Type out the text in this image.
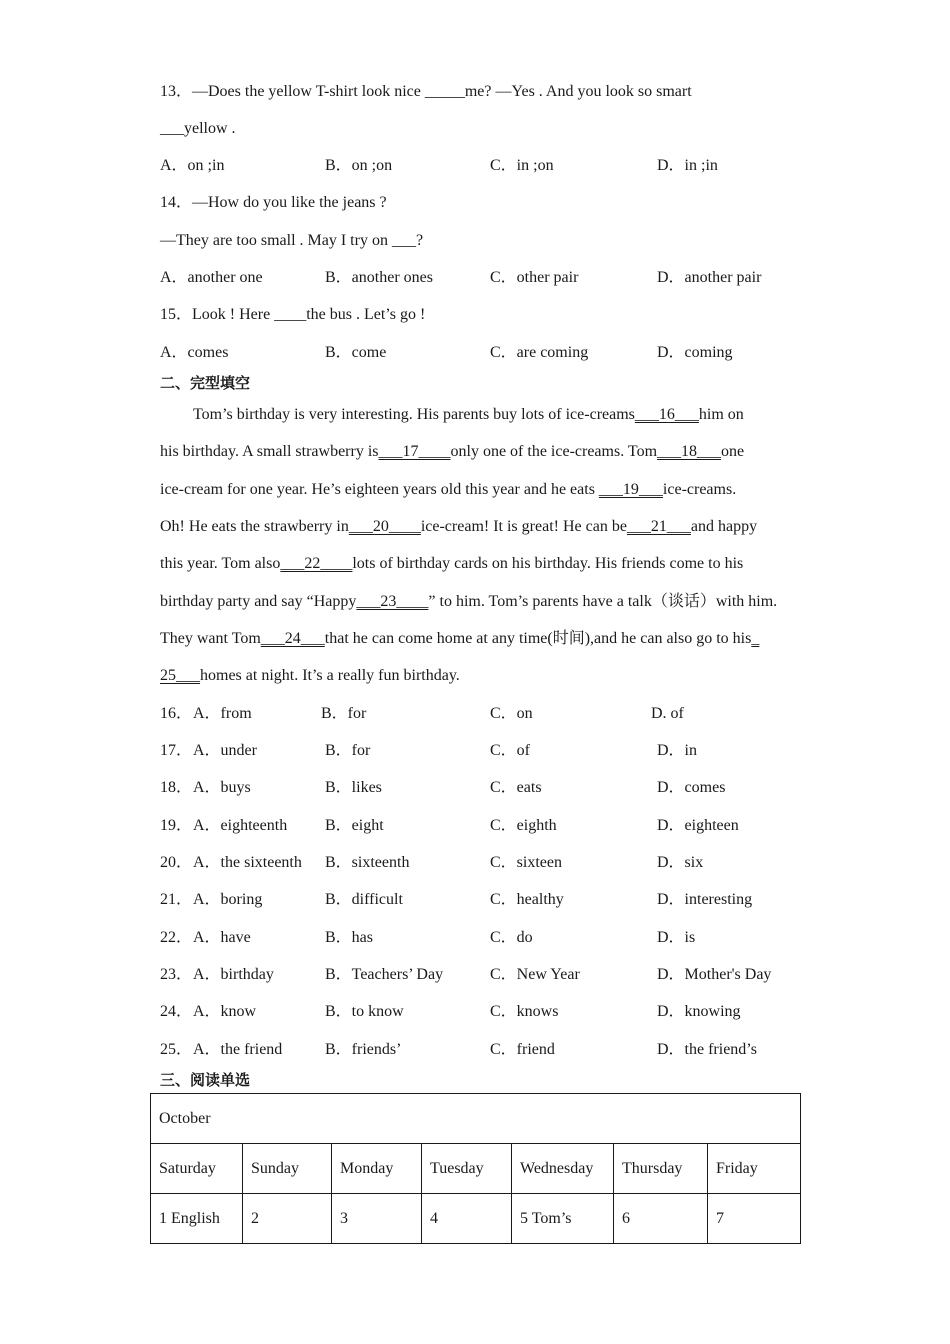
13．—Does the yellow T-shirt look nice _____me? —Yes . And you look so smart
___yellow .
A．on ;in	B．on ;on	C．in ;on	D．in ;in
14．—How do you like the jeans ?
—They are too small . May I try on ___?
A．another one	B．another ones	C．other pair	D．another pair
15．Look ! Here ____the bus . Let’s go !
A．comes	B．come	C．are coming	D．coming
二、完型填空
Tom’s birthday is very interesting. His parents buy lots of ice-creams___16___him on
his birthday. A small strawberry is___17____only one of the ice-creams. Tom___18___one
ice-cream for one year. He’s eighteen years old this year and he eats ___19___ice-creams.
Oh! He eats the strawberry in___20____ice-cream! It is great! He can be___21___and happy
this year. Tom also___22____lots of birthday cards on his birthday. His friends come to his
birthday party and say “Happy___23____” to him. Tom’s parents have a talk（谈话）with him.
They want Tom___24___that he can come home at any time(时间),and he can also go to his_
25___homes at night. It’s a really fun birthday.
16． A．from	B．for	C．on	D. of
17． A．under	B．for	C．of	D．in
18． A．buys	B．likes	C．eats	D．comes
19． A．eighteenth B．eight	C．eighth	D．eighteen
20． A．the sixteenth B．sixteenth	C．sixteen	D．six
21． A．boring	B．difficult	C．healthy	D．interesting
22． A．have	B．has	C．do	D．is
23． A．birthday	B．Teachers’ Day	C．New Year	D．Mother's Day
24． A．know	B．to know	C．knows	D．knowing
25． A．the friend	B．friends’	C．friend	D．the friend’s
三、阅读单选
October						
Saturday	Sunday	Monday	Tuesday	Wednesday	Thursday	Friday
1 English	2	3	4	5 Tom’s	6	7
